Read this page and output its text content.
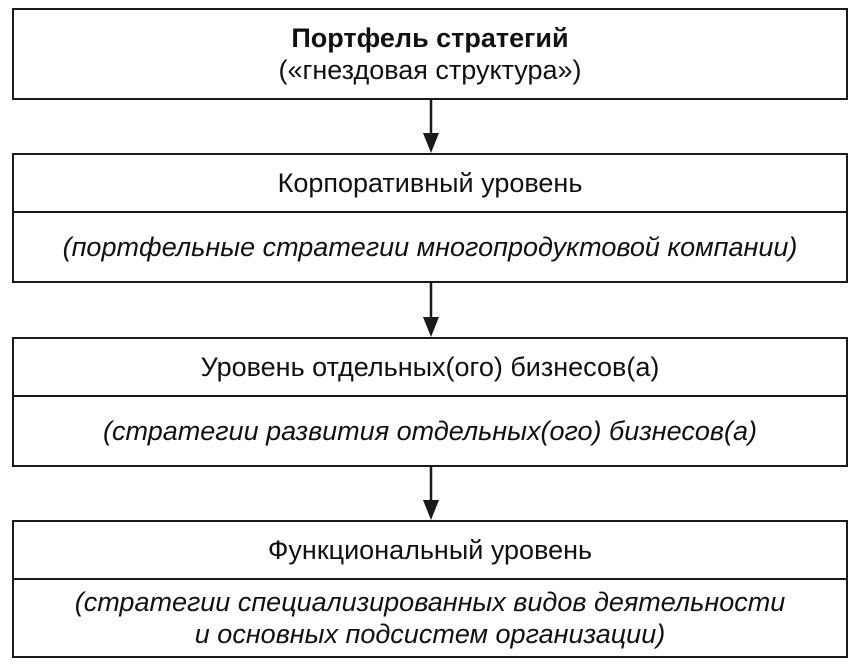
Портфель стратегий
(«гнездовая структура»)
Корпоративный уровень
(портфельные стратегии многопродуктовой компании)
Уровень отдельных(ого) бизнесов(а)
(стратегии развития отдельных(ого) бизнесов(а)
Функциональный уровень
(стратегии специализированных видов деятельности
и основных подсистем организации)
